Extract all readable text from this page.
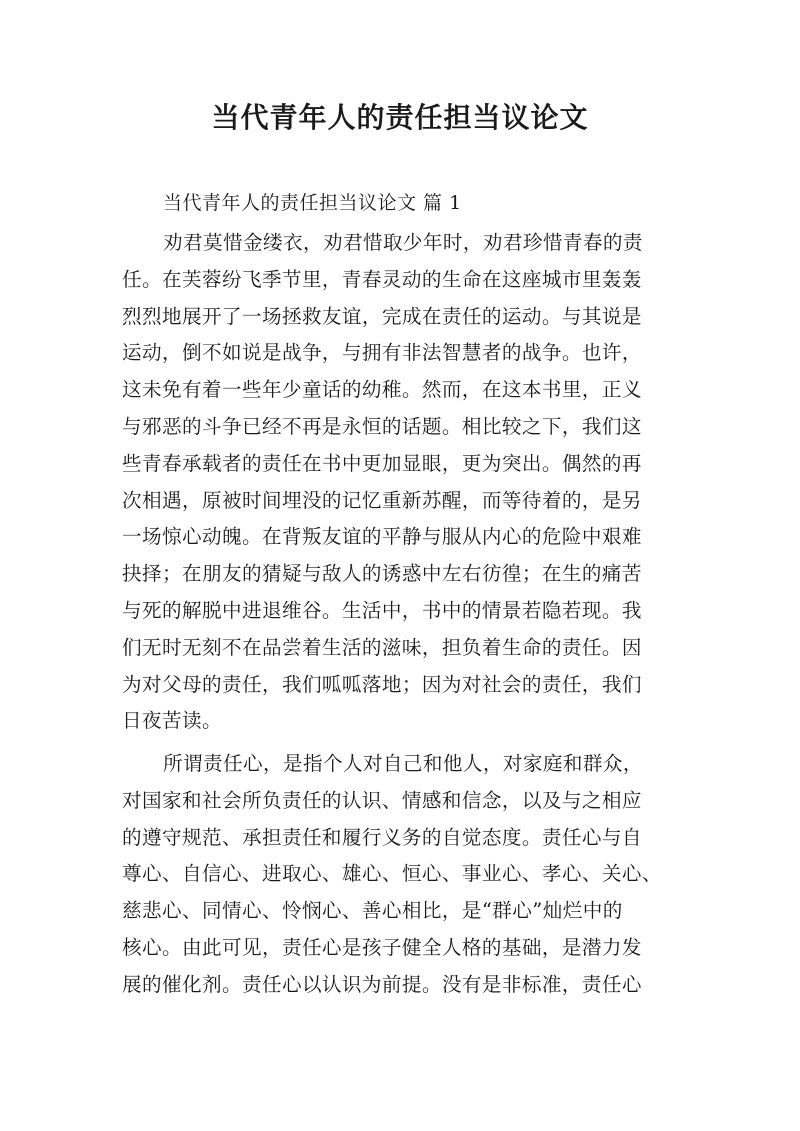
当代青年人的责任担当议论文

当代青年人的责任担当议论文 篇 1

劝君莫惜金缕衣，劝君惜取少年时，劝君珍惜青春的责
任。在芙蓉纷飞季节里，青春灵动的生命在这座城市里轰轰
烈烈地展开了一场拯救友谊，完成在责任的运动。与其说是
运动，倒不如说是战争，与拥有非法智慧者的战争。也许，
这未免有着一些年少童话的幼稚。然而，在这本书里，正义
与邪恶的斗争已经不再是永恒的话题。相比较之下，我们这
些青春承载者的责任在书中更加显眼，更为突出。偶然的再
次相遇，原被时间埋没的记忆重新苏醒，而等待着的，是另
一场惊心动魄。在背叛友谊的平静与服从内心的危险中艰难
抉择；在朋友的猜疑与敌人的诱惑中左右彷徨；在生的痛苦
与死的解脱中进退维谷。生活中，书中的情景若隐若现。我
们无时无刻不在品尝着生活的滋味，担负着生命的责任。因
为对父母的责任，我们呱呱落地；因为对社会的责任，我们
日夜苦读。
所谓责任心，是指个人对自己和他人，对家庭和群众，
对国家和社会所负责任的认识、情感和信念，以及与之相应
的遵守规范、承担责任和履行义务的自觉态度。责任心与自
尊心、自信心、进取心、雄心、恒心、事业心、孝心、关心、
慈悲心、同情心、怜悯心、善心相比，是“群心”灿烂中的
核心。由此可见，责任心是孩子健全人格的基础，是潜力发
展的催化剂。责任心以认识为前提。没有是非标准，责任心
